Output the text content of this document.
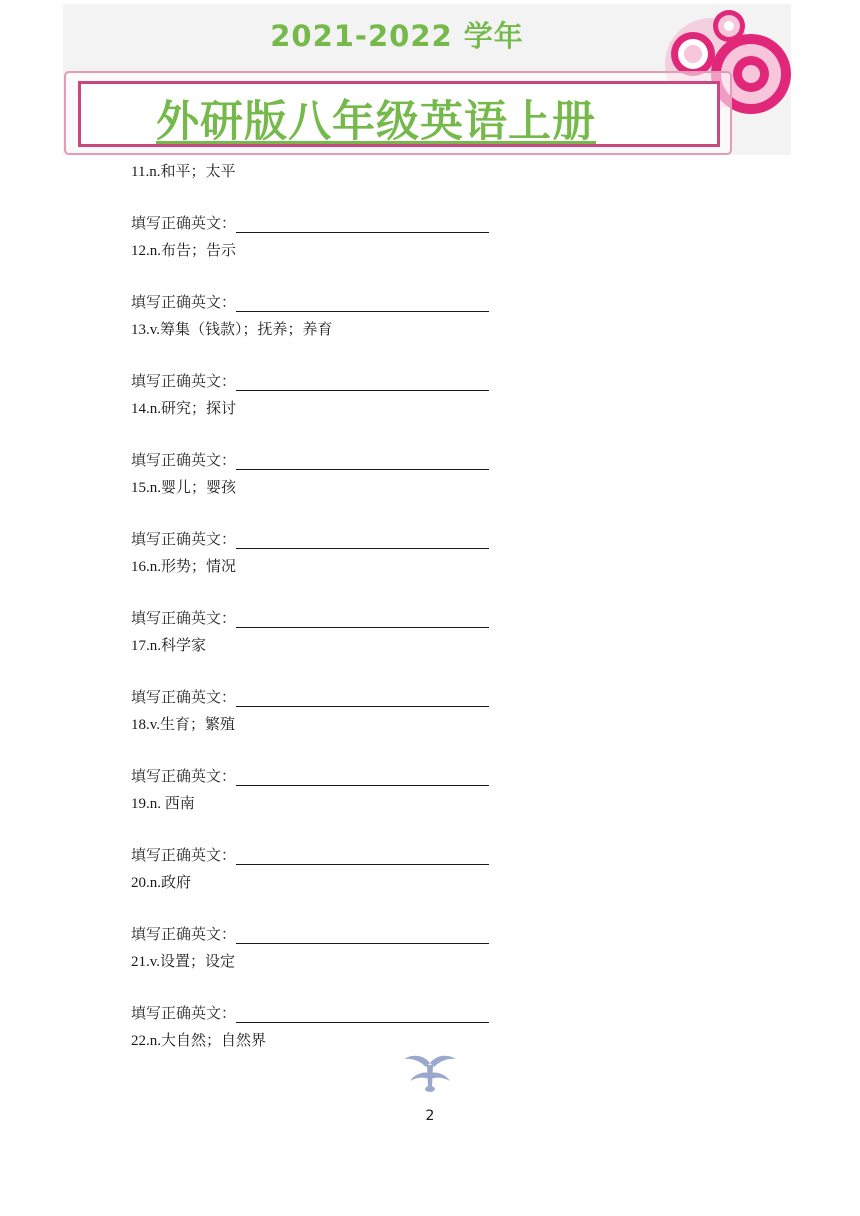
2021-2022 学年
外研版八年级英语上册
11.n.和平；太平
填写正确英文：
12.n.布告；告示
填写正确英文：
13.v.筹集（钱款）；抚养；养育
填写正确英文：
14.n.研究；探讨
填写正确英文：
15.n.婴儿；婴孩
填写正确英文：
16.n.形势；情况
填写正确英文：
17.n.科学家
填写正确英文：
18.v.生育；繁殖
填写正确英文：
19.n. 西南
填写正确英文：
20.n.政府
填写正确英文：
21.v.设置；设定
填写正确英文：
22.n.大自然；自然界
2
